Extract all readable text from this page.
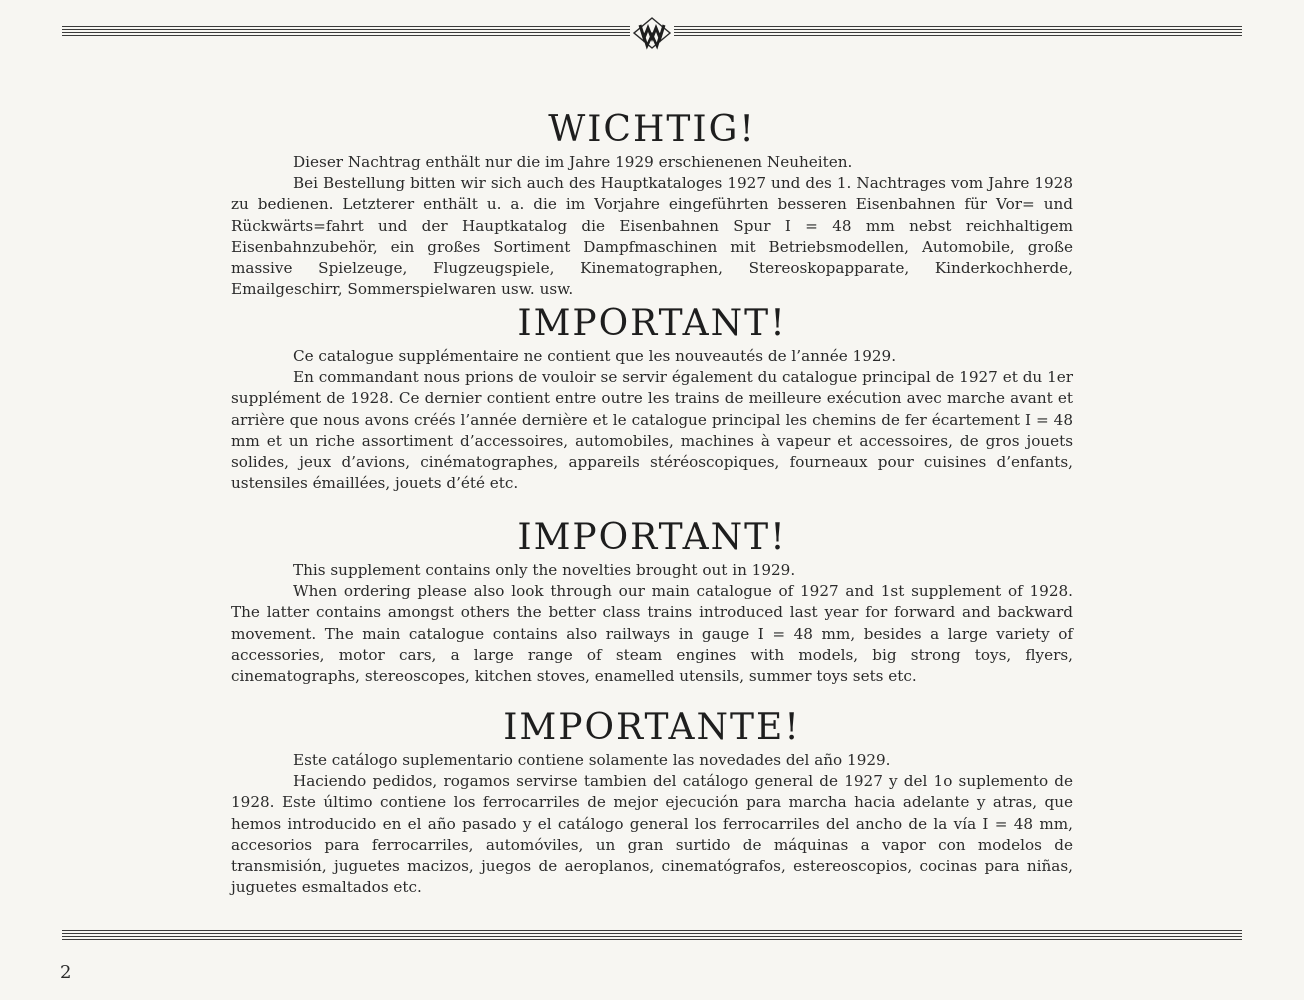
WICHTIG!

Dieser Nachtrag enthält nur die im Jahre 1929 erschienenen Neuheiten.

Bei Bestellung bitten wir sich auch des Hauptkataloges 1927 und des 1. Nachtrages vom Jahre 1928 zu bedienen. Letzterer enthält u. a. die im Vorjahre eingeführten besseren Eisenbahnen für Vor= und Rückwärts=fahrt und der Hauptkatalog die Eisenbahnen Spur I = 48 mm nebst reichhaltigem Eisenbahnzubehör, ein großes Sortiment Dampfmaschinen mit Betriebsmodellen, Automobile, große massive Spielzeuge, Flugzeugspiele, Kinematographen, Stereoskopapparate, Kinderkochherde, Emailgeschirr, Sommerspielwaren usw. usw.

IMPORTANT!

Ce catalogue supplémentaire ne contient que les nouveautés de l’année 1929.

En commandant nous prions de vouloir se servir également du catalogue principal de 1927 et du 1er supplément de 1928. Ce dernier contient entre outre les trains de meilleure exécution avec marche avant et arrière que nous avons créés l’année dernière et le catalogue principal les chemins de fer écartement I = 48 mm et un riche assortiment d’accessoires, automobiles, machines à vapeur et accessoires, de gros jouets solides, jeux d’avions, cinématographes, appareils stéréoscopiques, fourneaux pour cuisines d’enfants, ustensiles émaillées, jouets d’été etc.

IMPORTANT!

This supplement contains only the novelties brought out in 1929.

When ordering please also look through our main catalogue of 1927 and 1st supplement of 1928. The latter contains amongst others the better class trains introduced last year for forward and backward movement. The main catalogue contains also railways in gauge I = 48 mm, besides a large variety of accessories, motor cars, a large range of steam engines with models, big strong toys, flyers, cinematographs, stereoscopes, kitchen stoves, enamelled utensils, summer toys sets etc.

IMPORTANTE!

Este catálogo suplementario contiene solamente las novedades del año 1929.

Haciendo pedidos, rogamos servirse tambien del catálogo general de 1927 y del 1o suplemento de 1928. Este último contiene los ferrocarriles de mejor ejecución para marcha hacia adelante y atras, que hemos introducido en el año pasado y el catálogo general los ferrocarriles del ancho de la vía I = 48 mm, accesorios para ferrocarriles, automóviles, un gran surtido de máquinas a vapor con modelos de transmisión, juguetes macizos, juegos de aeroplanos, cinematógrafos, estereoscopios, cocinas para niñas, juguetes esmaltados etc.

2
